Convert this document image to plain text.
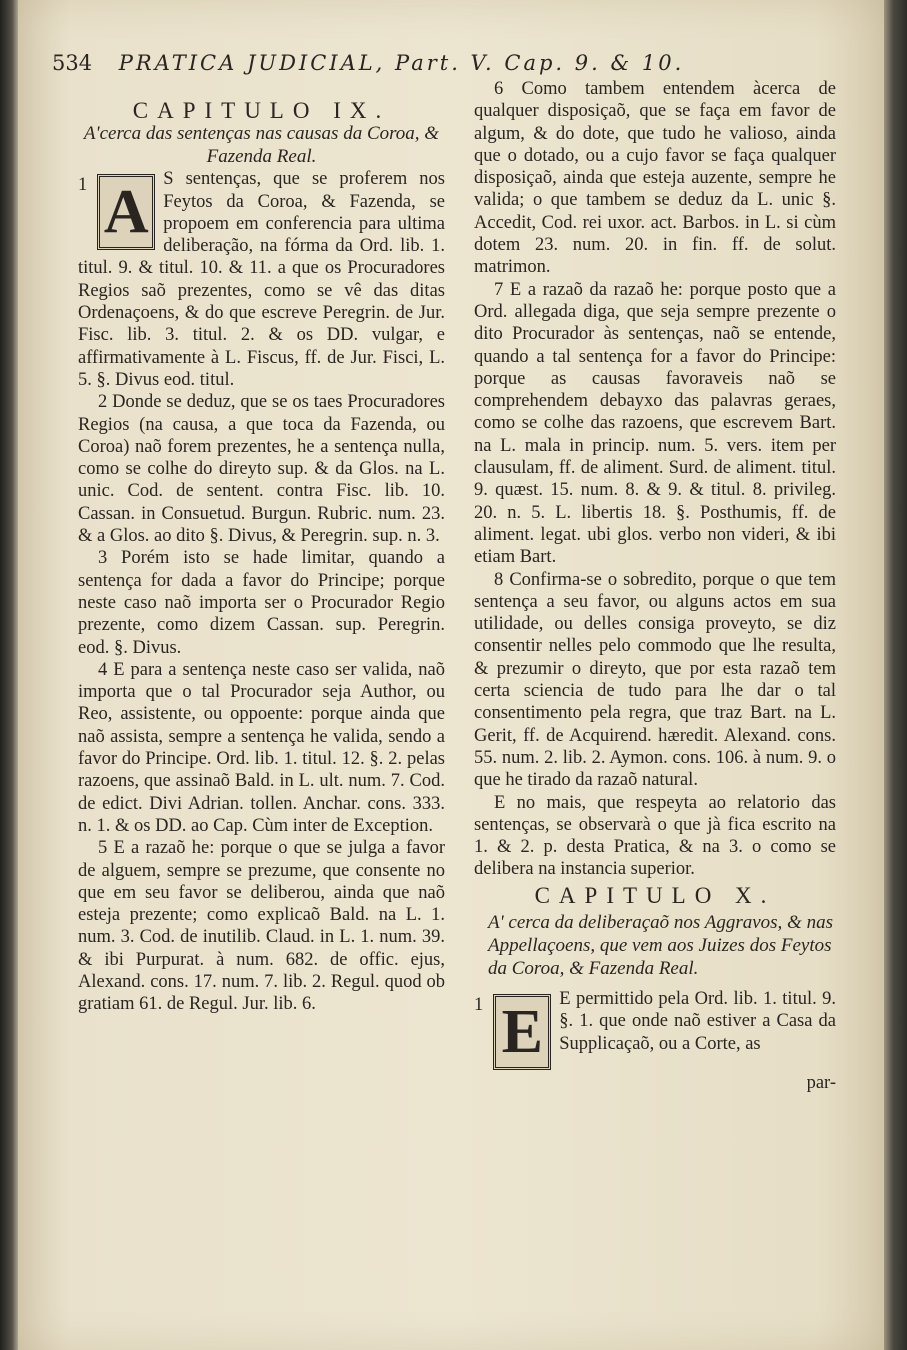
534 PRATICA JUDICIAL, Part. V. Cap. 9. & 10.

CAPITULO IX.

A'cerca das sentenças nas causas da Coroa, & Fazenda Real.

1 A S sentenças, que se proferem nos Feytos da Coroa, & Fazenda, se propoem em conferencia para ultima deliberação, na fórma da Ord. lib. 1. titul. 9. & titul. 10. & 11. a que os Procuradores Regios saõ prezentes, como se vê das ditas Ordenaçoens, & do que escreve Peregrin. de Jur. Fisc. lib. 3. titul. 2. & os DD. vulgar, e affirmativamente à L. Fiscus, ff. de Jur. Fisci, L. 5. §. Divus eod. titul.

2 Donde se deduz, que se os taes Procuradores Regios (na causa, a que toca da Fazenda, ou Coroa) naõ forem prezentes, he a sentença nulla, como se colhe do direyto sup. & da Glos. na L. unic. Cod. de sentent. contra Fisc. lib. 10. Cassan. in Consuetud. Burgun. Rubric. num. 23. & a Glos. ao dito §. Divus, & Peregrin. sup. n. 3.

3 Porém isto se hade limitar, quando a sentença for dada a favor do Principe; porque neste caso naõ importa ser o Procurador Regio prezente, como dizem Cassan. sup. Peregrin. eod. §. Divus.

4 E para a sentença neste caso ser valida, naõ importa que o tal Procurador seja Author, ou Reo, assistente, ou oppoente: porque ainda que naõ assista, sempre a sentença he valida, sendo a favor do Principe. Ord. lib. 1. titul. 12. §. 2. pelas razoens, que assinaõ Bald. in L. ult. num. 7. Cod. de edict. Divi Adrian. tollen. Anchar. cons. 333. n. 1. & os DD. ao Cap. Cùm inter de Exception.

5 E a razaõ he: porque o que se julga a favor de alguem, sempre se prezume, que consente no que em seu favor se deliberou, ainda que naõ esteja prezente; como explicaõ Bald. na L. 1. num. 3. Cod. de inutilib. Claud. in L. 1. num. 39. & ibi Purpurat. à num. 682. de offic. ejus, Alexand. cons. 17. num. 7. lib. 2. Regul. quod ob gratiam 61. de Regul. Jur. lib. 6.

6 Como tambem entendem àcerca de qualquer disposiçaõ, que se faça em favor de algum, & do dote, que tudo he valioso, ainda que o dotado, ou a cujo favor se faça qualquer disposiçaõ, ainda que esteja auzente, sempre he valida; o que tambem se deduz da L. unic §. Accedit, Cod. rei uxor. act. Barbos. in L. si cùm dotem 23. num. 20. in fin. ff. de solut. matrimon.

7 E a razaõ da razaõ he: porque posto que a Ord. allegada diga, que seja sempre prezente o dito Procurador às sentenças, naõ se entende, quando a tal sentença for a favor do Principe: porque as causas favoraveis naõ se comprehendem debayxo das palavras geraes, como se colhe das razoens, que escrevem Bart. na L. mala in princip. num. 5. vers. item per clausulam, ff. de aliment. Surd. de aliment. titul. 9. quæst. 15. num. 8. & 9. & titul. 8. privileg. 20. n. 5. L. libertis 18. §. Posthumis, ff. de aliment. legat. ubi glos. verbo non videri, & ibi etiam Bart.

8 Confirma-se o sobredito, porque o que tem sentença a seu favor, ou alguns actos em sua utilidade, ou delles consiga proveyto, se diz consentir nelles pelo commodo que lhe resulta, & prezumir o direyto, que por esta razaõ tem certa sciencia de tudo para lhe dar o tal consentimento pela regra, que traz Bart. na L. Gerit, ff. de Acquirend. hæredit. Alexand. cons. 55. num. 2. lib. 2. Aymon. cons. 106. à num. 9. o que he tirado da razaõ natural.

E no mais, que respeyta ao relatorio das sentenças, se observarà o que jà fica escrito na 1. & 2. p. desta Pratica, & na 3. o como se delibera na instancia superior.

CAPITULO X.

A' cerca da deliberaçaõ nos Aggravos, & nas Appellaçoens, que vem aos Juizes dos Feytos da Coroa, & Fazenda Real.

1 E E permittido pela Ord. lib. 1. titul. 9. §. 1. que onde naõ estiver a Casa da Supplicaçaõ, ou a Corte, as

par-
